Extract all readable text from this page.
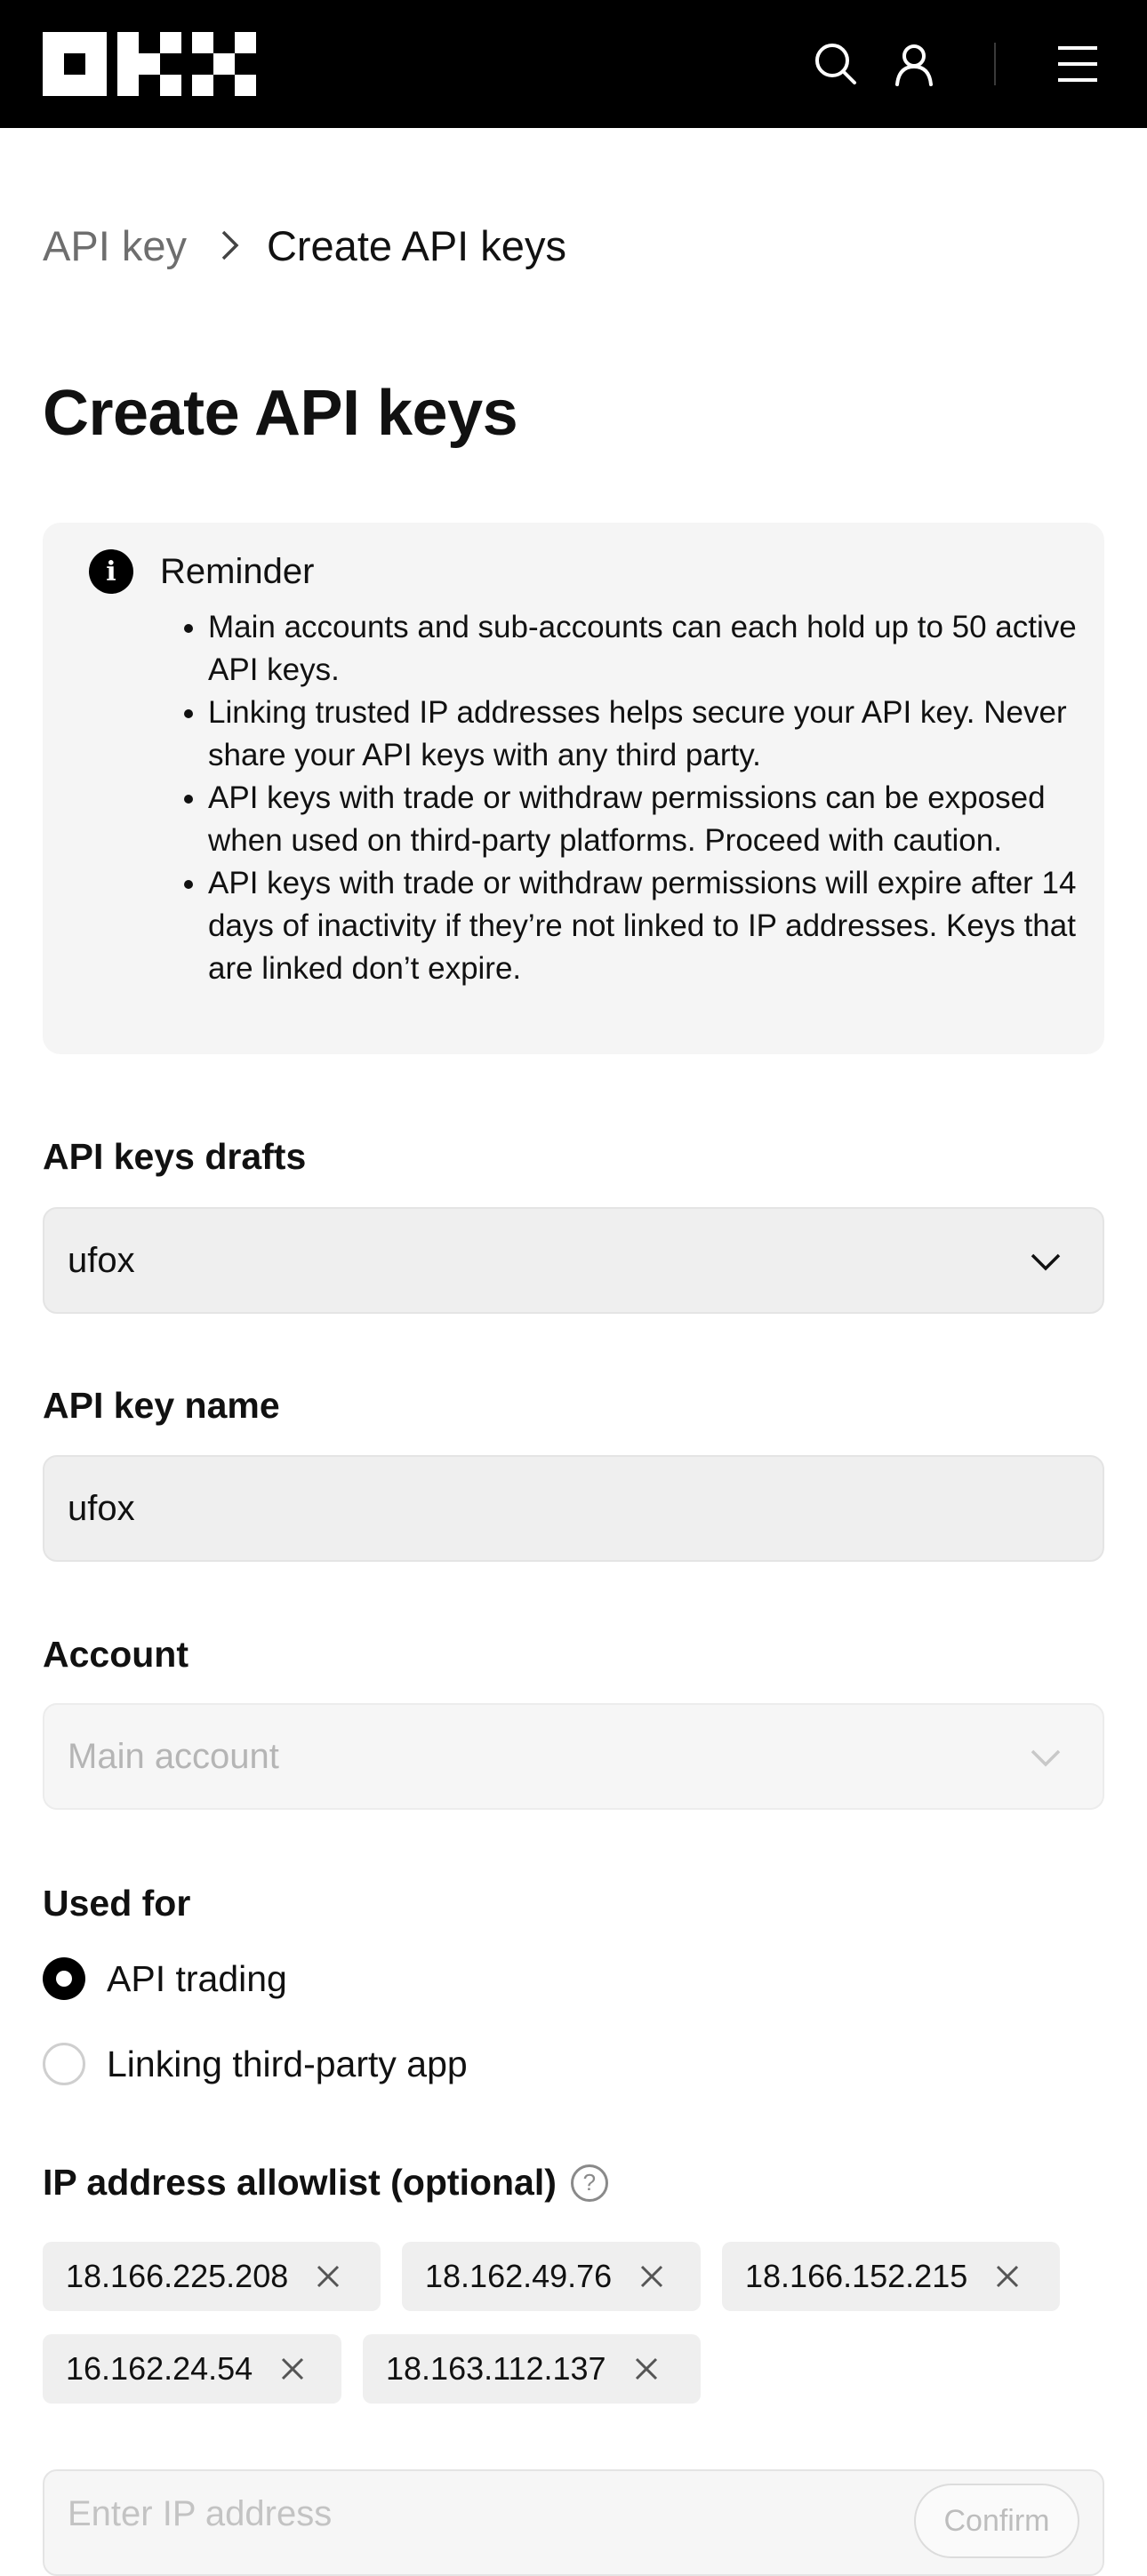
API key Create API keys
Create API keys
i	Reminder
• Main accounts and sub-accounts can each hold up to 50 active API keys.
• Linking trusted IP addresses helps secure your API key. Never share your API keys with any third party.
• API keys with trade or withdraw permissions can be exposed when used on third-party platforms. Proceed with caution.
• API keys with trade or withdraw permissions will expire after 14 days of inactivity if they’re not linked to IP addresses. Keys that are linked don’t expire.
API keys drafts
ufox
API key name
ufox
Account
Main account
Used for
API trading
Linking third-party app
IP address allowlist (optional)	?
18.166.225.208	18.162.49.76	18.166.152.215
16.162.24.54	18.163.112.137
Enter IP address	Confirm
